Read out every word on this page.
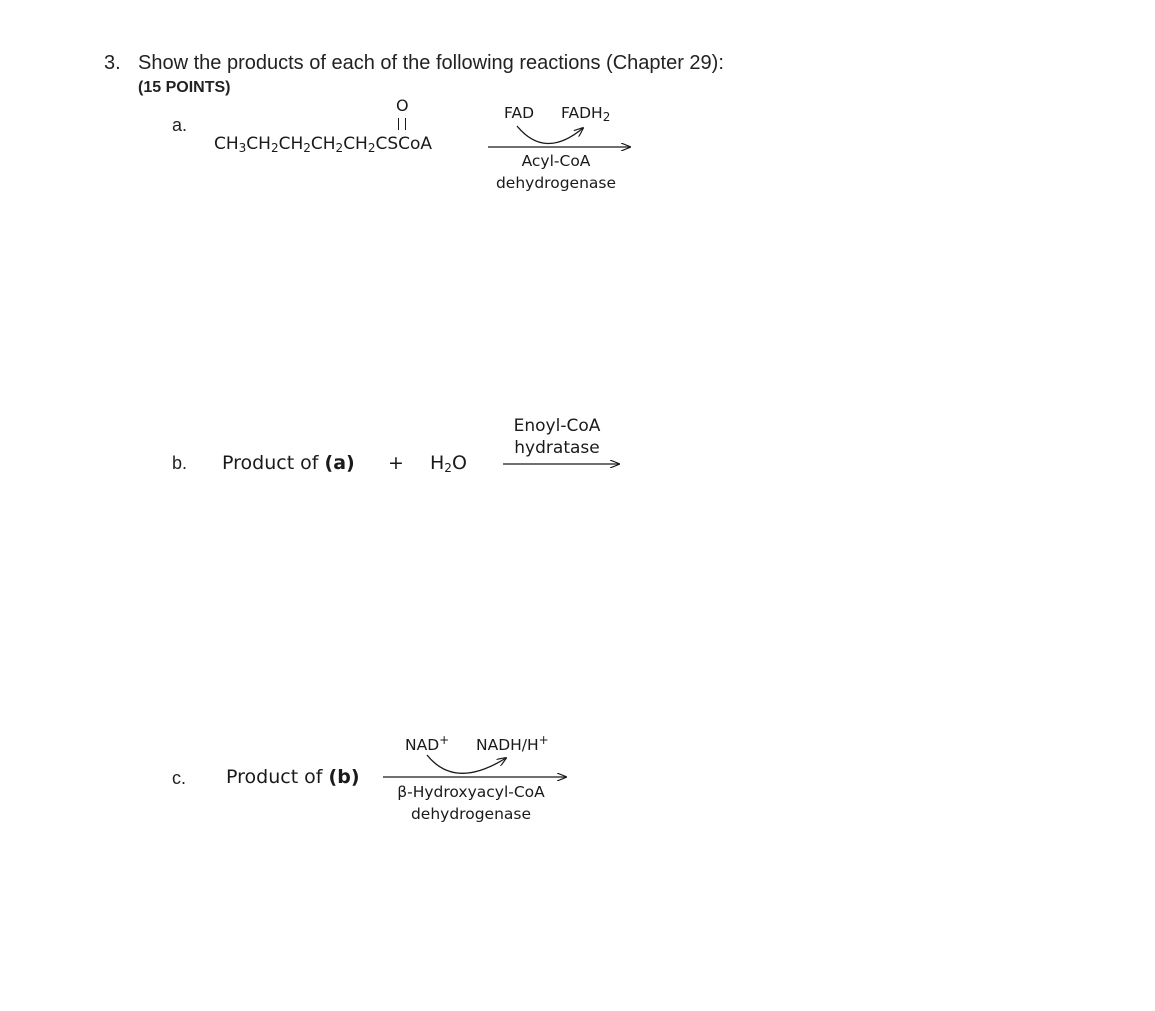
3. Show the products of each of the following reactions (Chapter 29):
(15 POINTS)
a.
O
$CH_3CH_2CH_2CH_2CH_2CSCoA$
FAD $FADH_2$
Acyl-CoA
dehydrogenase
b. Product of $(a) + H_2O$
Enoyl-CoA
hydratase
c. Product of (b)
NAD+ NADH/H+
β-Hydroxyacyl-CoA
dehydrogenase
